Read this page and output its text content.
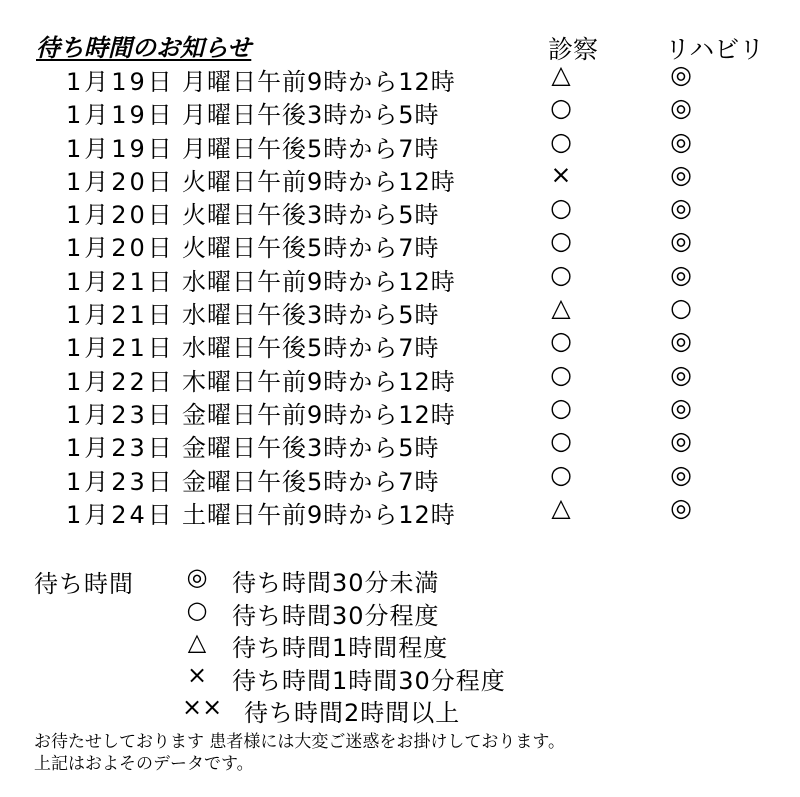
待ち時間のお知らせ	診察	リハビリ
1月19日 月曜日午前9時から12時	△	◎
1月19日 月曜日午後3時から5時	○	◎
1月19日 月曜日午後5時から7時	○	◎
1月20日 火曜日午前9時から12時	×	◎
1月20日 火曜日午後3時から5時	○	◎
1月20日 火曜日午後5時から7時	○	◎
1月21日 水曜日午前9時から12時	○	◎
1月21日 水曜日午後3時から5時	△	○
1月21日 水曜日午後5時から7時	○	◎
1月22日 木曜日午前9時から12時	○	◎
1月23日 金曜日午前9時から12時	○	◎
1月23日 金曜日午後3時から5時	○	◎
1月23日 金曜日午後5時から7時	○	◎
1月24日 土曜日午前9時から12時	△	◎
待ち時間 ◎ 待ち時間30分未満
○ 待ち時間30分程度
△ 待ち時間1時間程度
× 待ち時間1時間30分程度
×× 待ち時間2時間以上
お待たせしております 患者様には大変ご迷惑をお掛けしております。
上記はおよそのデータです。
